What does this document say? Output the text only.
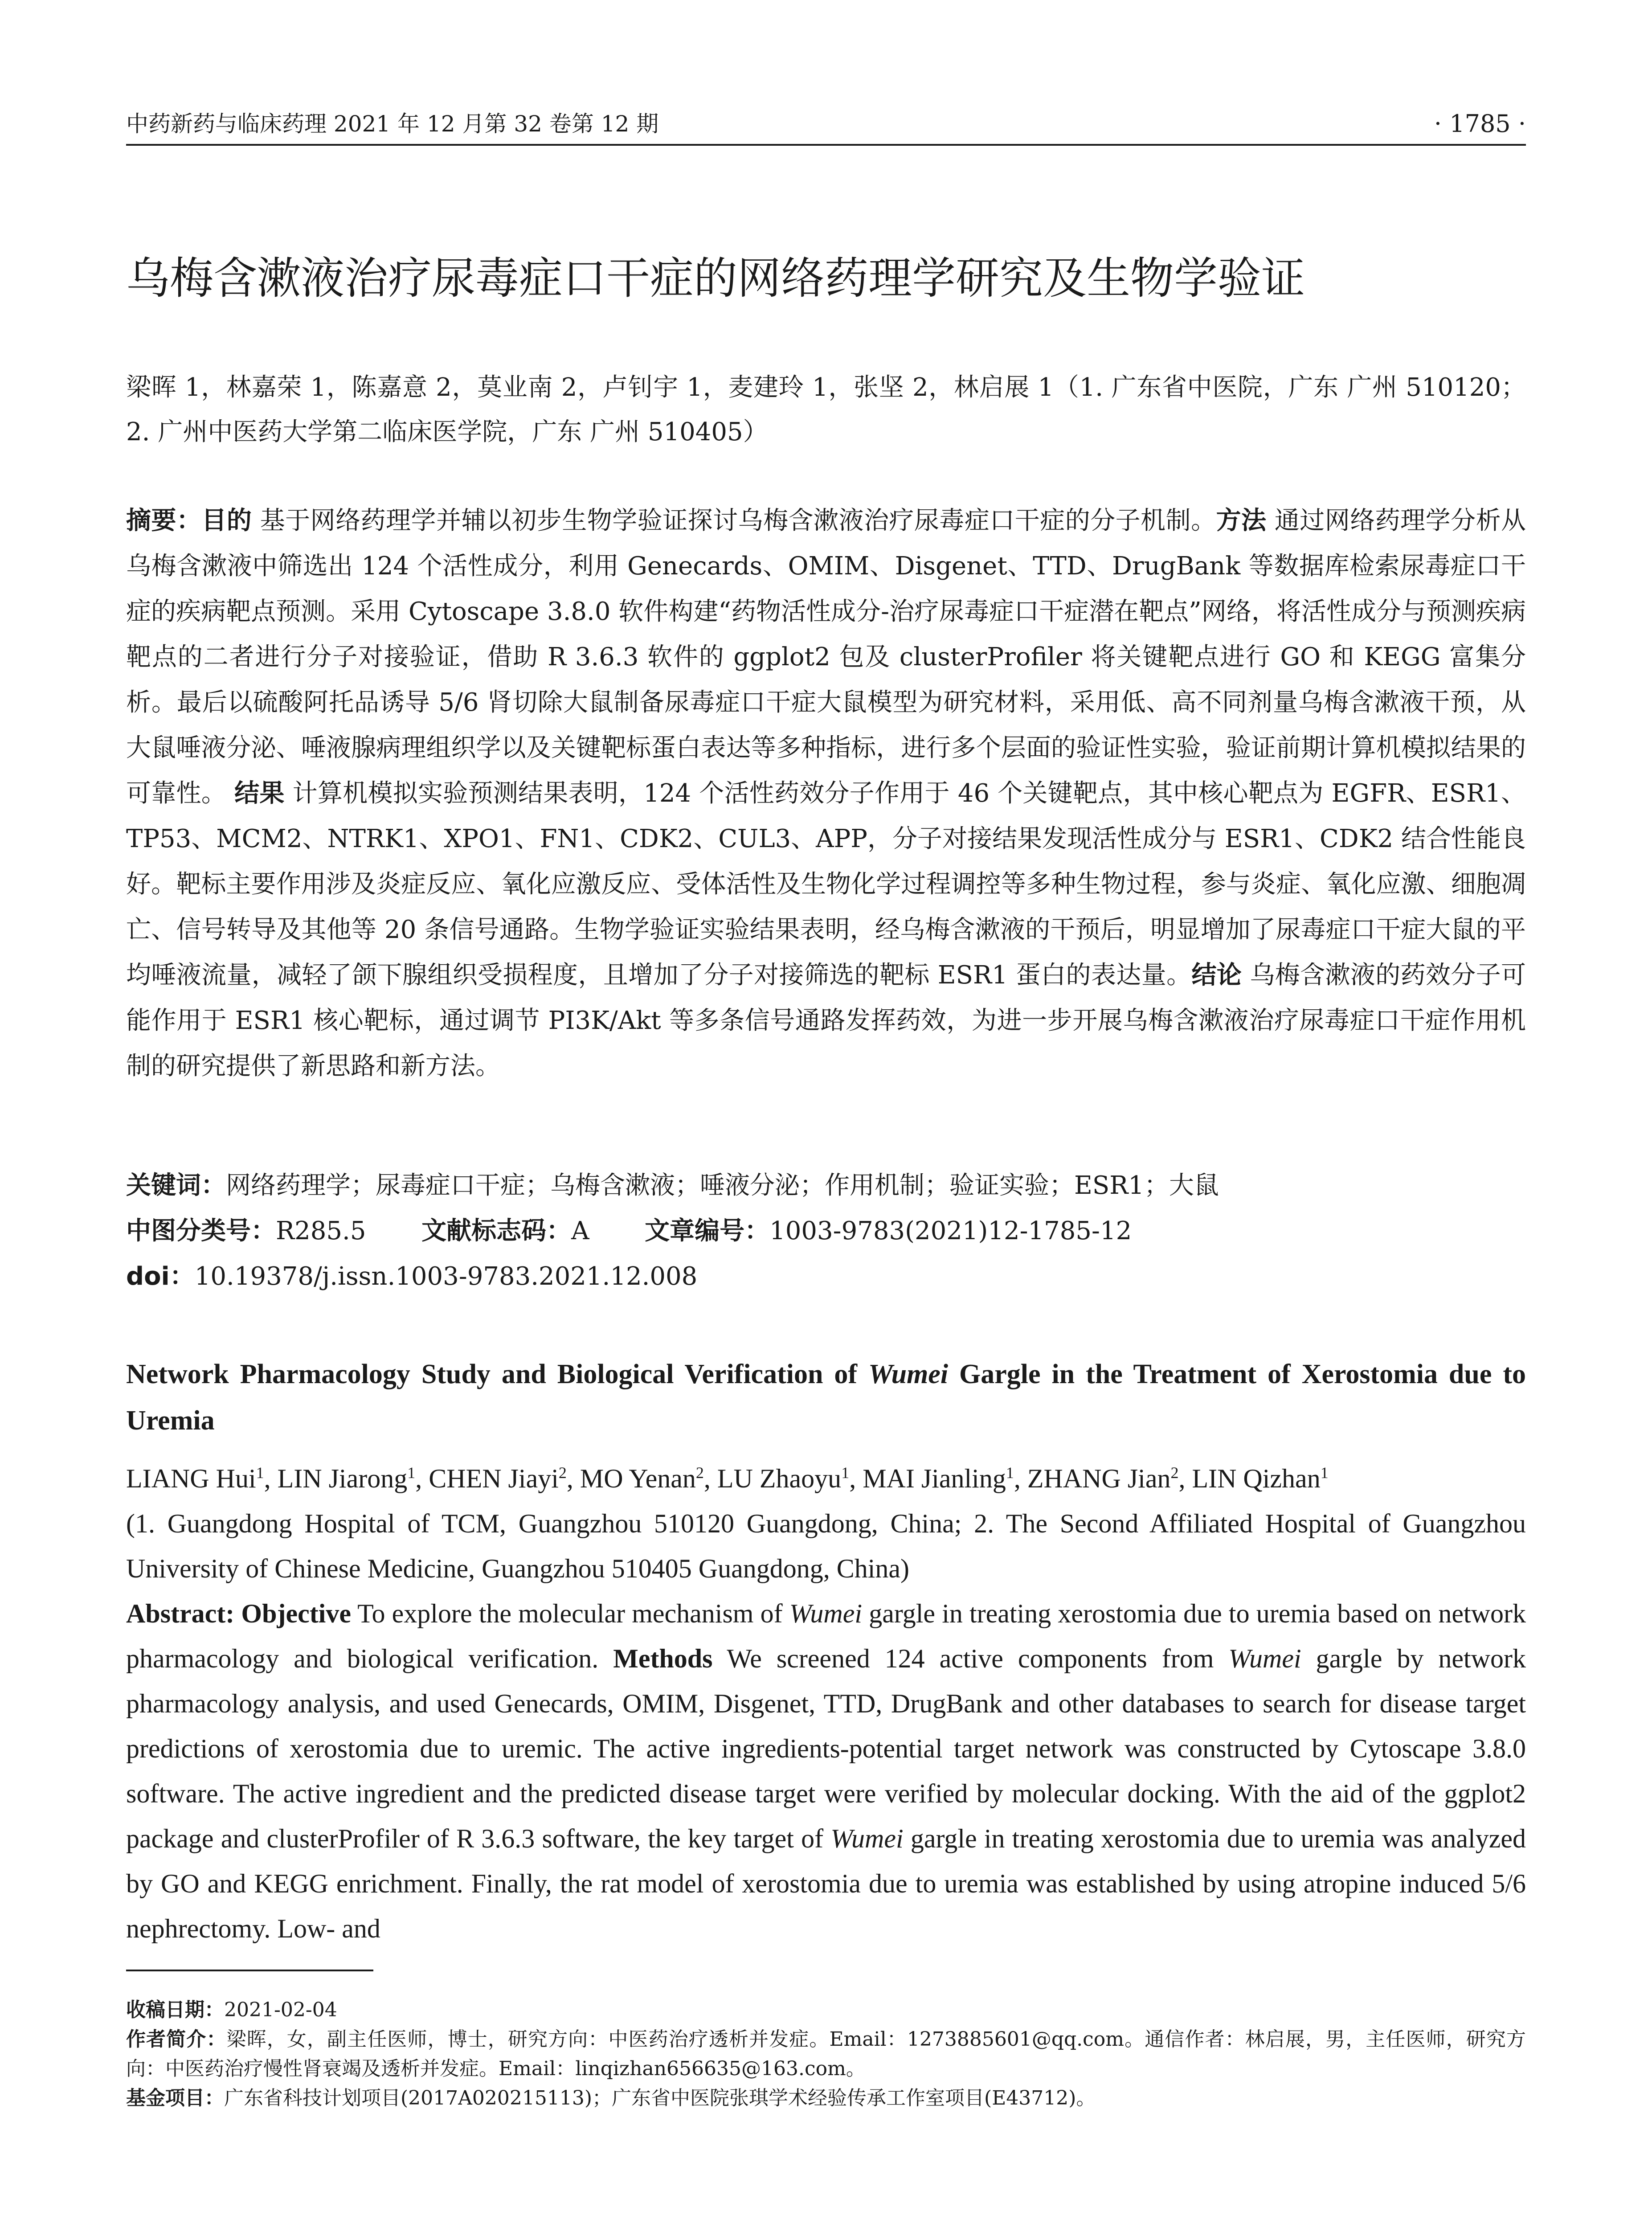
中药新药与临床药理 2021 年 12 月第 32 卷第 12 期	· 1785 ·
乌梅含漱液治疗尿毒症口干症的网络药理学研究及生物学验证
梁晖 1，林嘉荣 1，陈嘉意 2，莫业南 2，卢钊宇 1，麦建玲 1，张坚 2，林启展 1（1. 广东省中医院，广东 广州 510120；2. 广州中医药大学第二临床医学院，广东 广州 510405）
摘要：目的 基于网络药理学并辅以初步生物学验证探讨乌梅含漱液治疗尿毒症口干症的分子机制。方法 通过网络药理学分析从乌梅含漱液中筛选出 124 个活性成分，利用 Genecards、OMIM、Disgenet、TTD、DrugBank 等数据库检索尿毒症口干症的疾病靶点预测。采用 Cytoscape 3.8.0 软件构建“药物活性成分-治疗尿毒症口干症潜在靶点”网络，将活性成分与预测疾病靶点的二者进行分子对接验证，借助 R 3.6.3 软件的 ggplot2 包及 clusterProfiler 将关键靶点进行 GO 和 KEGG 富集分析。最后以硫酸阿托品诱导 5/6 肾切除大鼠制备尿毒症口干症大鼠模型为研究材料，采用低、高不同剂量乌梅含漱液干预，从大鼠唾液分泌、唾液腺病理组织学以及关键靶标蛋白表达等多种指标，进行多个层面的验证性实验，验证前期计算机模拟结果的可靠性。 结果 计算机模拟实验预测结果表明，124 个活性药效分子作用于 46 个关键靶点，其中核心靶点为 EGFR、ESR1、TP53、MCM2、NTRK1、XPO1、FN1、CDK2、CUL3、APP，分子对接结果发现活性成分与 ESR1、CDK2 结合性能良好。靶标主要作用涉及炎症反应、氧化应激反应、受体活性及生物化学过程调控等多种生物过程，参与炎症、氧化应激、细胞凋亡、信号转导及其他等 20 条信号通路。生物学验证实验结果表明，经乌梅含漱液的干预后，明显增加了尿毒症口干症大鼠的平均唾液流量，减轻了颌下腺组织受损程度，且增加了分子对接筛选的靶标 ESR1 蛋白的表达量。结论 乌梅含漱液的药效分子可能作用于 ESR1 核心靶标，通过调节 PI3K/Akt 等多条信号通路发挥药效，为进一步开展乌梅含漱液治疗尿毒症口干症作用机制的研究提供了新思路和新方法。
关键词：网络药理学；尿毒症口干症；乌梅含漱液；唾液分泌；作用机制；验证实验；ESR1；大鼠
中图分类号：R285.5 文献标志码：A 文章编号：1003-9783(2021)12-1785-12
doi：10.19378/j.issn.1003-9783.2021.12.008
Network Pharmacology Study and Biological Verification of Wumei Gargle in the Treatment of Xerostomia due to Uremia
LIANG Hui$^1$, LIN Jiarong$^1$, CHEN Jiayi$^2$, MO Yenan$^2$, LU Zhaoyu$^1$, MAI Jianling$^1$, ZHANG Jian$^2$, LIN Qizhan$^1$
(1. Guangdong Hospital of TCM, Guangzhou 510120 Guangdong, China; 2. The Second Affiliated Hospital of Guangzhou University of Chinese Medicine, Guangzhou 510405 Guangdong, China)
Abstract: Objective To explore the molecular mechanism of Wumei gargle in treating xerostomia due to uremia based on network pharmacology and biological verification. Methods We screened 124 active components from Wumei gargle by network pharmacology analysis, and used Genecards, OMIM, Disgenet, TTD, DrugBank and other databases to search for disease target predictions of xerostomia due to uremic. The active ingredients-potential target network was constructed by Cytoscape 3.8.0 software. The active ingredient and the predicted disease target were verified by molecular docking. With the aid of the ggplot2 package and clusterProfiler of R 3.6.3 software, the key target of Wumei gargle in treating xerostomia due to uremia was analyzed by GO and KEGG enrichment. Finally, the rat model of xerostomia due to uremia was established by using atropine induced 5/6 nephrectomy. Low- and

收稿日期：2021-02-04

作者简介：梁晖，女，副主任医师，博士，研究方向：中医药治疗透析并发症。Email：1273885601@qq.com。通信作者：林启展，男，主任医师，研究方向：中医药治疗慢性肾衰竭及透析并发症。Email：linqizhan656635@163.com。

基金项目：广东省科技计划项目(2017A020215113)；广东省中医院张琪学术经验传承工作室项目(E43712)。
